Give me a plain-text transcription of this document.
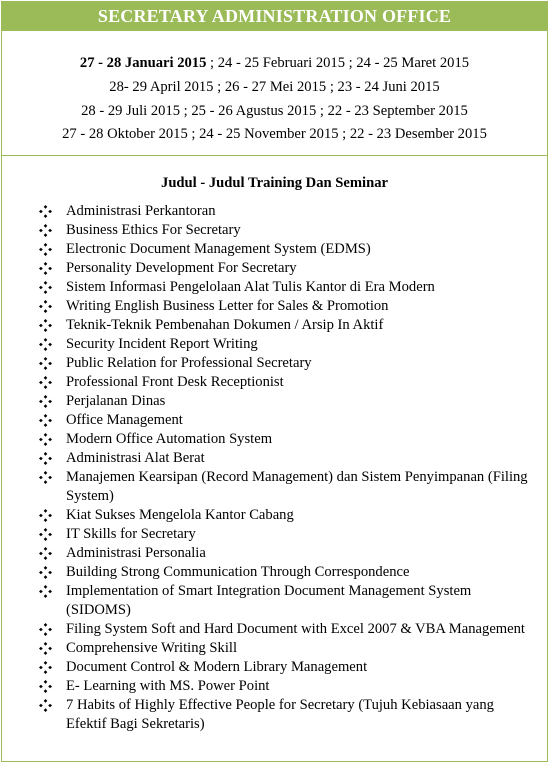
SECRETARY ADMINISTRATION OFFICE
27 - 28 Januari 2015 ; 24 - 25 Februari 2015 ; 24 - 25 Maret 2015
28- 29 April 2015 ; 26 - 27 Mei 2015 ; 23 - 24 Juni 2015
28 - 29 Juli 2015 ; 25 - 26 Agustus 2015 ; 22 - 23 September 2015
27 - 28 Oktober 2015 ; 24 - 25 November 2015 ; 22 - 23 Desember 2015
Judul - Judul Training Dan Seminar
Administrasi Perkantoran
Business Ethics For Secretary
Electronic Document Management System (EDMS)
Personality Development For Secretary
Sistem Informasi Pengelolaan Alat Tulis Kantor di Era Modern
Writing English Business Letter for Sales & Promotion
Teknik-Teknik Pembenahan Dokumen / Arsip In Aktif
Security Incident Report Writing
Public Relation for Professional Secretary
Professional Front Desk Receptionist
Perjalanan Dinas
Office Management
Modern Office Automation System
Administrasi Alat Berat
Manajemen Kearsipan (Record Management) dan Sistem Penyimpanan (Filing System)
Kiat Sukses Mengelola Kantor Cabang
IT Skills for Secretary
Administrasi Personalia
Building Strong Communication Through Correspondence
Implementation of Smart Integration Document Management System (SIDOMS)
Filing System Soft and Hard Document with Excel 2007 & VBA Management
Comprehensive Writing Skill
Document Control & Modern Library Management
E- Learning with MS. Power Point
7 Habits of Highly Effective People for Secretary (Tujuh Kebiasaan yang Efektif Bagi Sekretaris)
